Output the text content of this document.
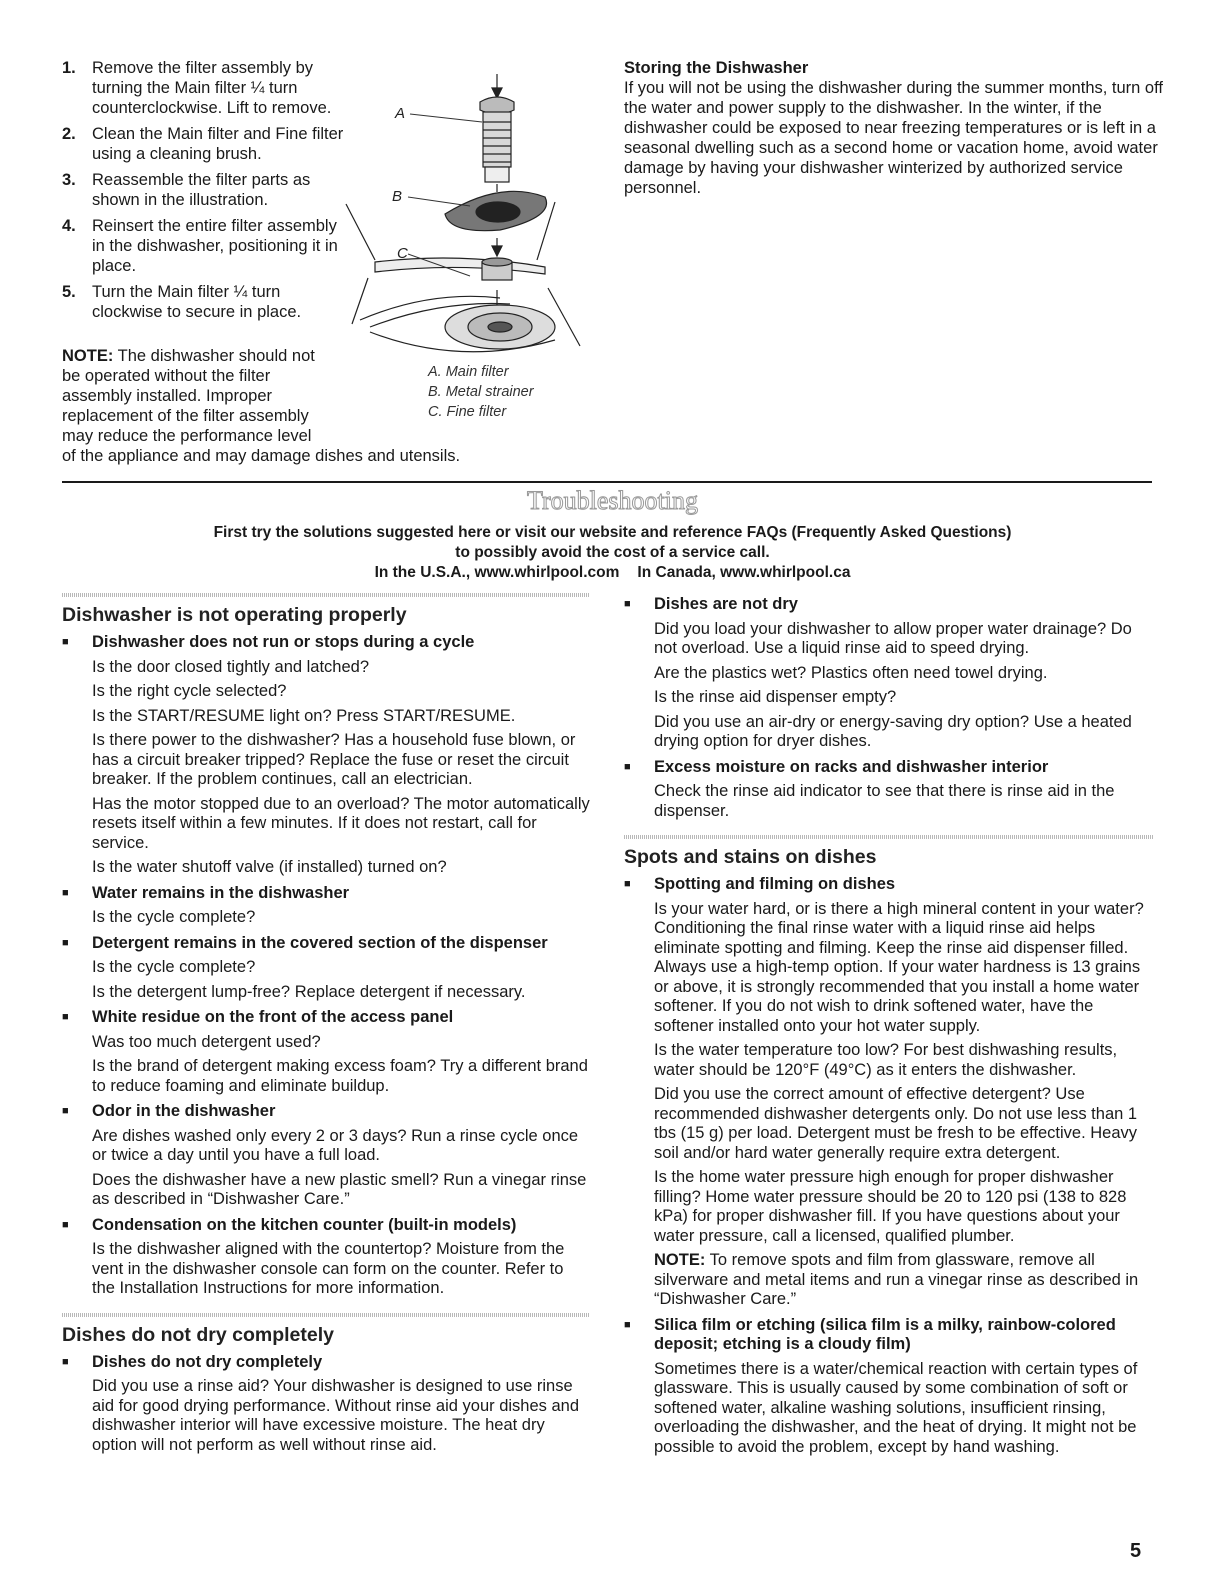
1. Remove the filter assembly by turning the Main filter ¼ turn counterclockwise. Lift to remove.
2. Clean the Main filter and Fine filter using a cleaning brush.
3. Reassemble the filter parts as shown in the illustration.
4. Reinsert the entire filter assembly in the dishwasher, positioning it in place.
5. Turn the Main filter ¼ turn clockwise to secure in place.

NOTE: The dishwasher should not be operated without the filter assembly installed. Improper replacement of the filter assembly may reduce the performance level

of the appliance and may damage dishes and utensils.

A
B
C
A. Main filter
B. Metal strainer
C. Fine filter
Storing the Dishwasher

If you will not be using the dishwasher during the summer months, turn off the water and power supply to the dishwasher. In the winter, if the dishwasher could be exposed to near freezing temperatures or is left in a seasonal dwelling such as a second home or vacation home, avoid water damage by having your dishwasher winterized by authorized service personnel.

Troubleshooting

First try the solutions suggested here or visit our website and reference FAQs (Frequently Asked Questions)

to possibly avoid the cost of a service call.

In the U.S.A., www.whirlpool.com In Canada, www.whirlpool.ca

Dishwasher is not operating properly
■	Dishwasher does not run or stops during a cycle

Is the door closed tightly and latched?

Is the right cycle selected?

Is the START/RESUME light on? Press START/RESUME.

Is there power to the dishwasher? Has a household fuse blown, or has a circuit breaker tripped? Replace the fuse or reset the circuit breaker. If the problem continues, call an electrician.

Has the motor stopped due to an overload? The motor automatically resets itself within a few minutes. If it does not restart, call for service.

Is the water shutoff valve (if installed) turned on?

■	Water remains in the dishwasher

Is the cycle complete?

■	Detergent remains in the covered section of the dispenser

Is the cycle complete?

Is the detergent lump-free? Replace detergent if necessary.

■	White residue on the front of the access panel

Was too much detergent used?

Is the brand of detergent making excess foam? Try a different brand to reduce foaming and eliminate buildup.

■	Odor in the dishwasher

Are dishes washed only every 2 or 3 days? Run a rinse cycle once or twice a day until you have a full load.

Does the dishwasher have a new plastic smell? Run a vinegar rinse as described in “Dishwasher Care.”

■	Condensation on the kitchen counter (built-in models)

Is the dishwasher aligned with the countertop? Moisture from the vent in the dishwasher console can form on the counter. Refer to the Installation Instructions for more information.

Dishes do not dry completely
■	Dishes do not dry completely

Did you use a rinse aid? Your dishwasher is designed to use rinse aid for good drying performance. Without rinse aid your dishes and dishwasher interior will have excessive moisture. The heat dry option will not perform as well without rinse aid.

■	Dishes are not dry

Did you load your dishwasher to allow proper water drainage? Do not overload. Use a liquid rinse aid to speed drying.

Are the plastics wet? Plastics often need towel drying.

Is the rinse aid dispenser empty?

Did you use an air-dry or energy-saving dry option? Use a heated drying option for dryer dishes.

■	Excess moisture on racks and dishwasher interior

Check the rinse aid indicator to see that there is rinse aid in the dispenser.

Spots and stains on dishes
■	Spotting and filming on dishes

Is your water hard, or is there a high mineral content in your water? Conditioning the final rinse water with a liquid rinse aid helps eliminate spotting and filming. Keep the rinse aid dispenser filled. Always use a high-temp option. If your water hardness is 13 grains or above, it is strongly recommended that you install a home water softener. If you do not wish to drink softened water, have the softener installed onto your hot water supply.

Is the water temperature too low? For best dishwashing results, water should be 120°F (49°C) as it enters the dishwasher.

Did you use the correct amount of effective detergent? Use recommended dishwasher detergents only. Do not use less than 1 tbs (15 g) per load. Detergent must be fresh to be effective. Heavy soil and/or hard water generally require extra detergent.

Is the home water pressure high enough for proper dishwasher filling? Home water pressure should be 20 to 120 psi (138 to 828 kPa) for proper dishwasher fill. If you have questions about your water pressure, call a licensed, qualified plumber.

NOTE: To remove spots and film from glassware, remove all silverware and metal items and run a vinegar rinse as described in “Dishwasher Care.”

■	Silica film or etching (silica film is a milky, rainbow-colored deposit; etching is a cloudy film)

Sometimes there is a water/chemical reaction with certain types of glassware. This is usually caused by some combination of soft or softened water, alkaline washing solutions, insufficient rinsing, overloading the dishwasher, and the heat of drying. It might not be possible to avoid the problem, except by hand washing.

5
